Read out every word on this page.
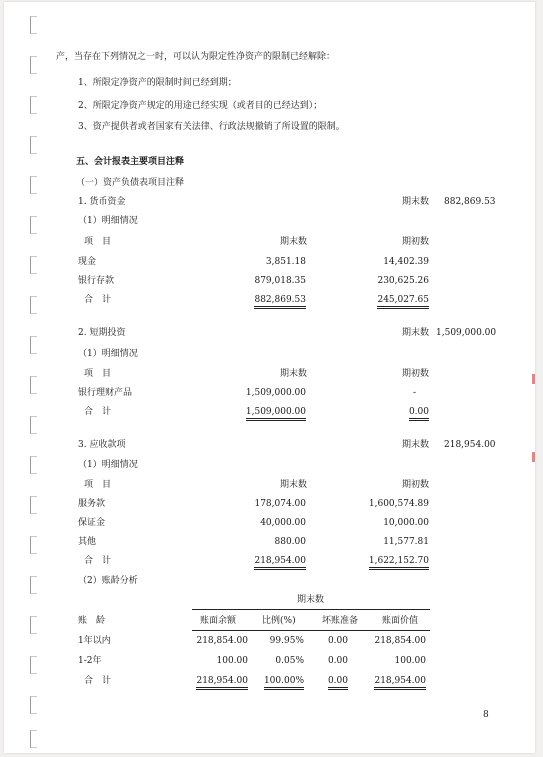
产，当存在下列情况之一时，可以认为限定性净资产的限制已经解除：
1、所限定净资产的限制时间已经到期；
2、所限定净资产规定的用途已经实现（或者目的已经达到）；
3、资产提供者或者国家有关法律、行政法规撤销了所设置的限制。
五、会计报表主要项目注释
（一）资产负债表项目注释
1. 货币资金	期末数 882,869.53
（1）明细情况
项　目	期末数	期初数
现金	3,851.18	14,402.39
银行存款	879,018.35	230,625.26
合　计	882,869.53	245,027.65
2. 短期投资	期末数 1,509,000.00
（1）明细情况
项　目	期末数	期初数
银行理财产品	1,509,000.00	-
合　计	1,509,000.00	0.00
3. 应收款项	期末数 218,954.00
（1）明细情况
项　目	期末数	期初数
服务款	178,074.00	1,600,574.89
保证金	40,000.00	10,000.00
其他	880.00	11,577.81
合　计	218,954.00	1,622,152.70
（2）账龄分析
期末数
账　龄	账面余额	比例(%)	坏账准备	账面价值
1年以内	218,854.00	99.95%	0.00	218,854.00
1-2年	100.00	0.05%	0.00	100.00
合　计	218,954.00	100.00%	0.00	218,954.00
8
